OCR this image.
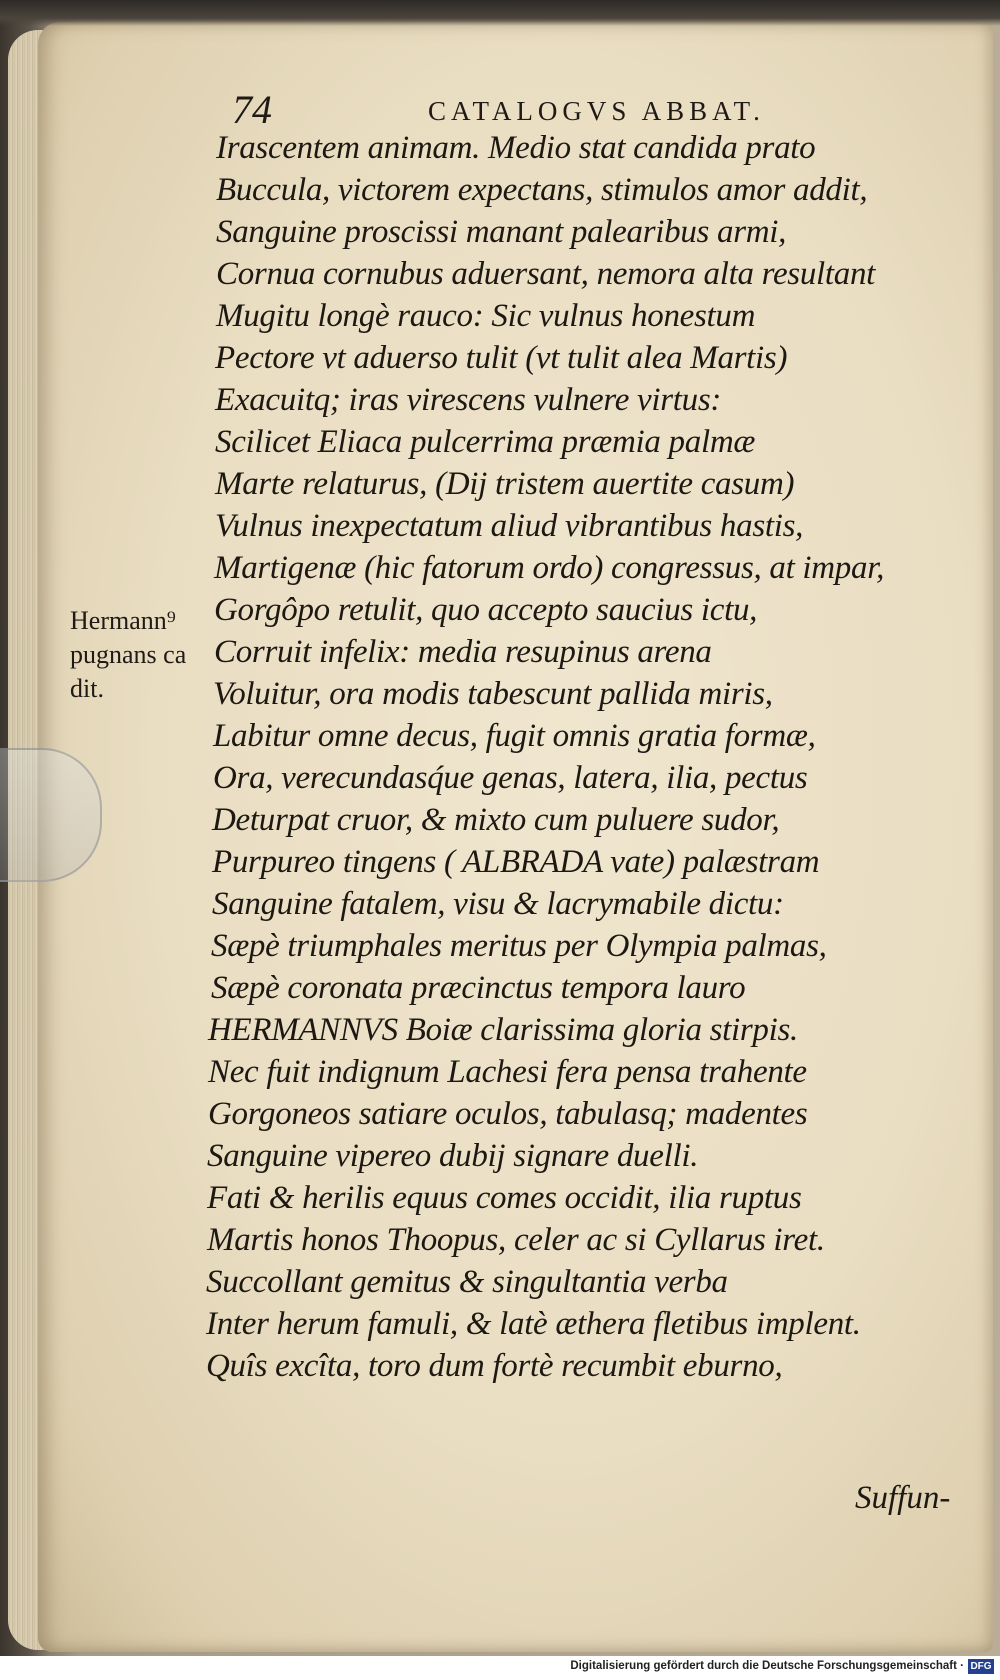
74	CATALOGVS ABBAT.
Hermann⁹
pugnans ca
dit.
Irascentem animam. Medio stat candida prato
Buccula, victorem expectans, stimulos amor addit,
Sanguine proscissi manant palearibus armi,
Cornua cornubus aduersant, nemora alta resultant
Mugitu longè rauco: Sic vulnus honestum
Pectore vt aduerso tulit (vt tulit alea Martis)
Exacuitq; iras virescens vulnere virtus:
Scilicet Eliaca pulcerrima præmia palmæ
Marte relaturus, (Dij tristem auertite casum)
Vulnus inexpectatum aliud vibrantibus hastis,
Martigenæ (hic fatorum ordo) congressus, at impar,
Gorgôpo retulit, quo accepto saucius ictu,
Corruit infelix: media resupinus arena
Voluitur, ora modis tabescunt pallida miris,
Labitur omne decus, fugit omnis gratia formæ,
Ora, verecundasq́ue genas, latera, ilia, pectus
Deturpat cruor, & mixto cum puluere sudor,
Purpureo tingens ( ALBRADA vate) palæstram
Sanguine fatalem, visu & lacrymabile dictu:
Sæpè triumphales meritus per Olympia palmas,
Sæpè coronata præcinctus tempora lauro
HERMANNVS Boiæ clarissima gloria stirpis.
Nec fuit indignum Lachesi fera pensa trahente
Gorgoneos satiare oculos, tabulasq; madentes
Sanguine vipereo dubij signare duelli.
Fati & herilis equus comes occidit, ilia ruptus
Martis honos Thoopus, celer ac si Cyllarus iret.
Succollant gemitus & singultantia verba
Inter herum famuli, & latè æthera fletibus implent.
Quîs excîta, toro dum fortè recumbit eburno,
Suffun-
Digitalisierung gefördert durch die Deutsche Forschungsgemeinschaft · DFG
